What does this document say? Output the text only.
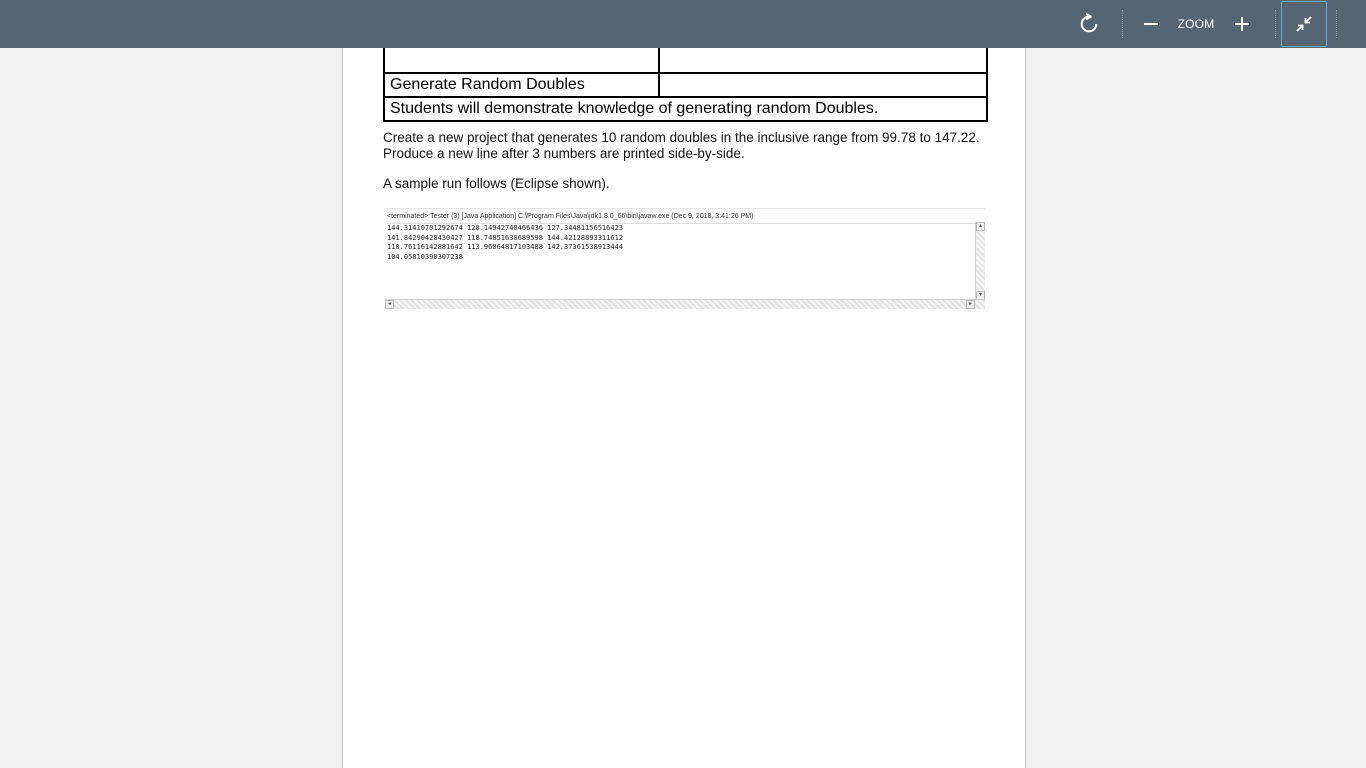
ZOOM
Generate Random Doubles
Students will demonstrate knowledge of generating random Doubles.
Create a new project that generates 10 random doubles in the inclusive range from 99.78 to 147.22.
Produce a new line after 3 numbers are printed side-by-side.
A sample run follows (Eclipse shown).
<terminated> Tester (3) [Java Application] C:\Program Files\Java\jdk1.8.0_66\bin\javaw.exe (Dec 9, 2018, 3:41:26 PM)
144.31410701292674 128.14942740466436 127.34481156516423
141.84290428430427 118.74851630689598 144.42128893311612
110.76116142881642 113.96064817103488 142.37361538913444
104.05810390307238
▴
▾
◂	▸
